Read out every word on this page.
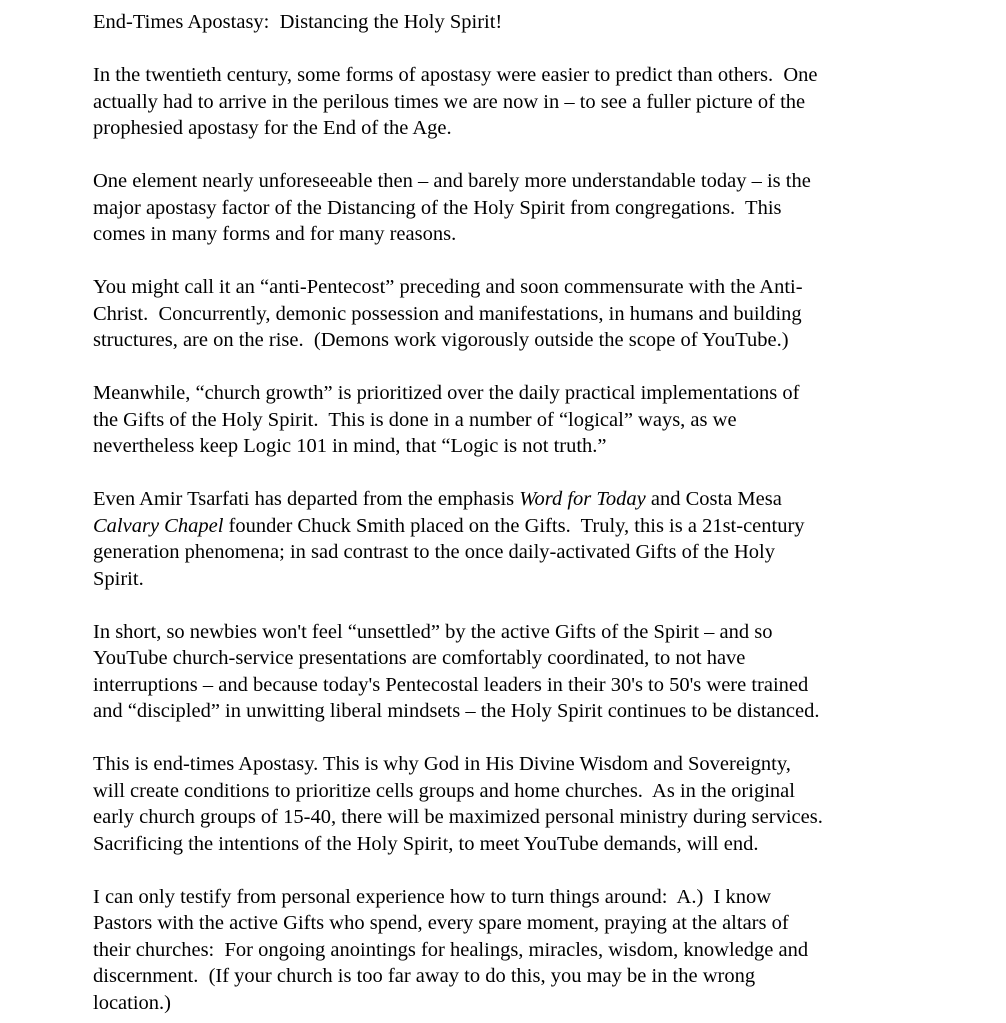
End-Times Apostasy:  Distancing the Holy Spirit!
In the twentieth century, some forms of apostasy were easier to predict than others.  One
actually had to arrive in the perilous times we are now in – to see a fuller picture of the
prophesied apostasy for the End of the Age.
One element nearly unforeseeable then – and barely more understandable today – is the
major apostasy factor of the Distancing of the Holy Spirit from congregations.  This
comes in many forms and for many reasons.
You might call it an “anti-Pentecost” preceding and soon commensurate with the Anti-
Christ.  Concurrently, demonic possession and manifestations, in humans and building
structures, are on the rise.  (Demons work vigorously outside the scope of YouTube.)
Meanwhile, “church growth” is prioritized over the daily practical implementations of
the Gifts of the Holy Spirit.  This is done in a number of “logical” ways, as we
nevertheless keep Logic 101 in mind, that “Logic is not truth.”
Even Amir Tsarfati has departed from the emphasis Word for Today and Costa Mesa
Calvary Chapel founder Chuck Smith placed on the Gifts.  Truly, this is a 21st-century
generation phenomena; in sad contrast to the once daily-activated Gifts of the Holy
Spirit.
In short, so newbies won't feel “unsettled” by the active Gifts of the Spirit – and so
YouTube church-service presentations are comfortably coordinated, to not have
interruptions – and because today's Pentecostal leaders in their 30's to 50's were trained
and “discipled” in unwitting liberal mindsets – the Holy Spirit continues to be distanced.
This is end-times Apostasy. This is why God in His Divine Wisdom and Sovereignty,
will create conditions to prioritize cells groups and home churches.  As in the original
early church groups of 15-40, there will be maximized personal ministry during services.
Sacrificing the intentions of the Holy Spirit, to meet YouTube demands, will end.
I can only testify from personal experience how to turn things around:  A.)  I know
Pastors with the active Gifts who spend, every spare moment, praying at the altars of
their churches:  For ongoing anointings for healings, miracles, wisdom, knowledge and
discernment.  (If your church is too far away to do this, you may be in the wrong
location.)
